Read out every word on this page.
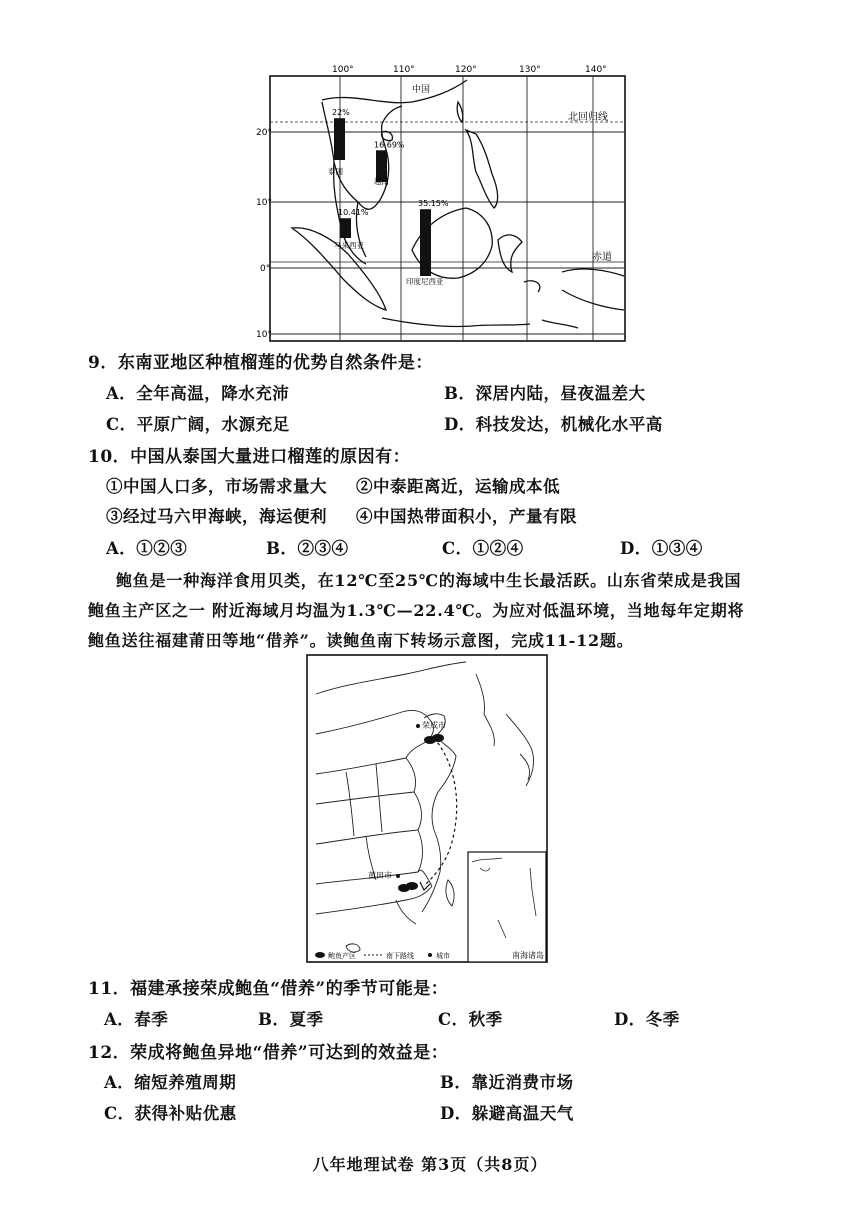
100°	110°	120°	130°	140°
20°
10°
0°
10°
中国
北回归线
赤道
22%
泰国
16.69%
越南
10.41%
马来西亚
35.15%
印度尼西亚
9．东南亚地区种植榴莲的优势自然条件是：
A．全年高温，降水充沛	B．深居内陆，昼夜温差大
C．平原广阔，水源充足	D．科技发达，机械化水平高
10．中国从泰国大量进口榴莲的原因有：
①中国人口多，市场需求量大 ②中泰距离近，运输成本低
③经过马六甲海峡，海运便利 ④中国热带面积小，产量有限
A．①②③	B．②③④	C．①②④	D．①③④
鲍鱼是一种海洋食用贝类，在12℃至25℃的海域中生长最活跃。山东省荣成是我国
鲍鱼主产区之一 附近海域月均温为1.3℃—22.4℃。为应对低温环境，当地每年定期将
鲍鱼送往福建莆田等地“借养”。读鲍鱼南下转场示意图，完成11-12题。
荣成市
莆田市
南海诸岛
鲍鱼产区	南下路线	城市
11．福建承接荣成鲍鱼“借养”的季节可能是：
A．春季	B．夏季	C．秋季	D．冬季
12．荣成将鲍鱼异地“借养”可达到的效益是：
A．缩短养殖周期	B．靠近消费市场
C．获得补贴优惠	D．躲避高温天气
八年地理试卷 第3页（共8页）
